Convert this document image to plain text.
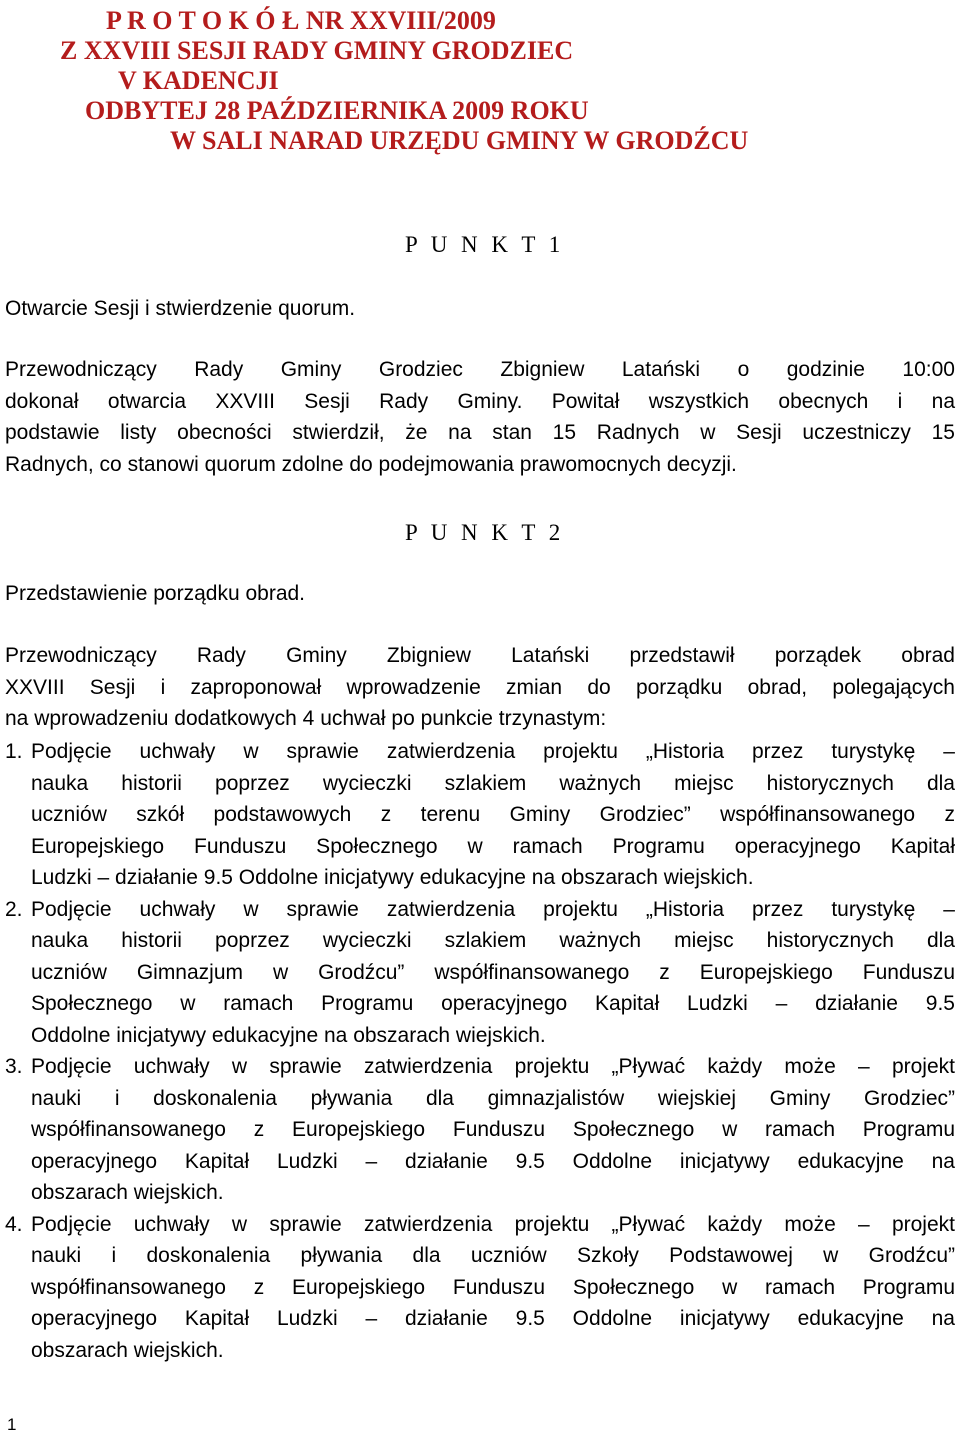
P R O T O K Ó Ł NR XXVIII/2009
Z XXVIII SESJI RADY GMINY GRODZIEC
V KADENCJI
ODBYTEJ 28 PAŹDZIERNIKA 2009 ROKU
W SALI NARAD URZĘDU GMINY W GRODŹCU
P U N K T 1
Otwarcie Sesji i stwierdzenie quorum.
Przewodniczący Rady Gminy Grodziec Zbigniew Latański o godzinie 10:00
dokonał otwarcia XXVIII Sesji Rady Gminy. Powitał wszystkich obecnych i na
podstawie listy obecności stwierdził, że na stan 15 Radnych w Sesji uczestniczy 15
Radnych, co stanowi quorum zdolne do podejmowania prawomocnych decyzji.
P U N K T 2
Przedstawienie porządku obrad.
Przewodniczący Rady Gminy Zbigniew Latański przedstawił porządek obrad
XXVIII Sesji i zaproponował wprowadzenie zmian do porządku obrad, polegających
na wprowadzeniu dodatkowych 4 uchwał po punkcie trzynastym:
1. Podjęcie uchwały w sprawie zatwierdzenia projektu „Historia przez turystykę –
nauka historii poprzez wycieczki szlakiem ważnych miejsc historycznych dla
uczniów szkół podstawowych z terenu Gminy Grodziec” współfinansowanego z
Europejskiego Funduszu Społecznego w ramach Programu operacyjnego Kapitał
Ludzki – działanie 9.5 Oddolne inicjatywy edukacyjne na obszarach wiejskich.
2. Podjęcie uchwały w sprawie zatwierdzenia projektu „Historia przez turystykę –
nauka historii poprzez wycieczki szlakiem ważnych miejsc historycznych dla
uczniów Gimnazjum w Grodźcu” współfinansowanego z Europejskiego Funduszu
Społecznego w ramach Programu operacyjnego Kapitał Ludzki – działanie 9.5
Oddolne inicjatywy edukacyjne na obszarach wiejskich.
3. Podjęcie uchwały w sprawie zatwierdzenia projektu „Pływać każdy może – projekt
nauki i doskonalenia pływania dla gimnazjalistów wiejskiej Gminy Grodziec”
współfinansowanego z Europejskiego Funduszu Społecznego w ramach Programu
operacyjnego Kapitał Ludzki – działanie 9.5 Oddolne inicjatywy edukacyjne na
obszarach wiejskich.
4. Podjęcie uchwały w sprawie zatwierdzenia projektu „Pływać każdy może – projekt
nauki i doskonalenia pływania dla uczniów Szkoły Podstawowej w Grodźcu”
współfinansowanego z Europejskiego Funduszu Społecznego w ramach Programu
operacyjnego Kapitał Ludzki – działanie 9.5 Oddolne inicjatywy edukacyjne na
obszarach wiejskich.
1
